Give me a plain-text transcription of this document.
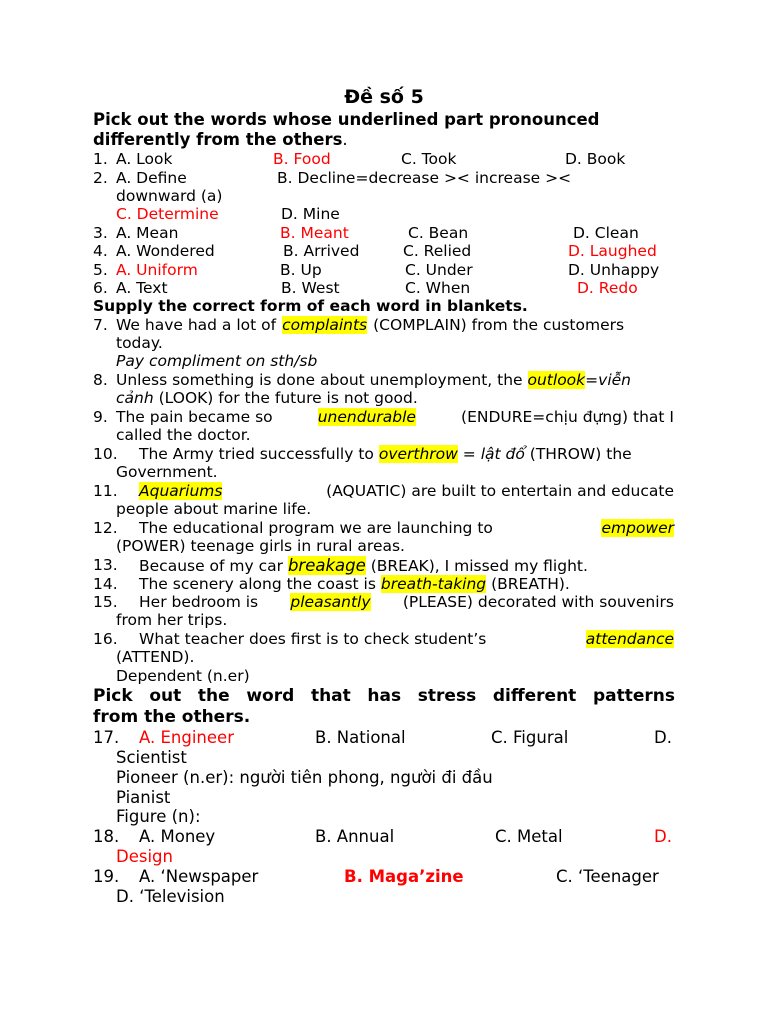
Đề số 5
Pick out the words whose underlined part pronounced
differently from the others.
1. A. Look	B. Food	C. Took	D. Book
2. A. Define	B. Decline=decrease >< increase ><
downward (a)
C. Determine	D. Mine
3. A. Mean	B. Meant	C. Bean	D. Clean
4. A. Wondered	B. Arrived	C. Relied	D. Laughed
5. A. Uniform	B. Up	C. Under	D. Unhappy
6. A. Text	B. West	C. When	D. Redo
Supply the correct form of each word in blankets.
7. We have had a lot of complaints (COMPLAIN) from the customers
today.
Pay compliment on sth/sb
8. Unless something is done about unemployment, the outlook=viễn
cảnh (LOOK) for the future is not good.
9. The pain became so	unendurable	(ENDURE=chịu đựng) that I
called the doctor.
10. The Army tried successfully to overthrow = lật đổ (THROW) the
Government.
11. Aquariums	(AQUATIC) are built to entertain and educate
people about marine life.
12. The educational program we are launching to	empower
(POWER) teenage girls in rural areas.
13. Because of my car breakage (BREAK), I missed my flight.
14. The scenery along the coast is breath-taking (BREATH).
15. Her bedroom is pleasantly (PLEASE) decorated with souvenirs
from her trips.
16. What teacher does first is to check student’s	attendance
(ATTEND).
Dependent (n.er)
Pick out the word that has stress different patterns
from the others.
17. A. Engineer	B. National	C. Figural	D.
Scientist
Pioneer (n.er): người tiên phong, người đi đầu
Pianist
Figure (n):
18. A. Money	B. Annual	C. Metal	D.
Design
19. A. ‘Newspaper	B. Maga’zine	C. ‘Teenager
D. ‘Television
